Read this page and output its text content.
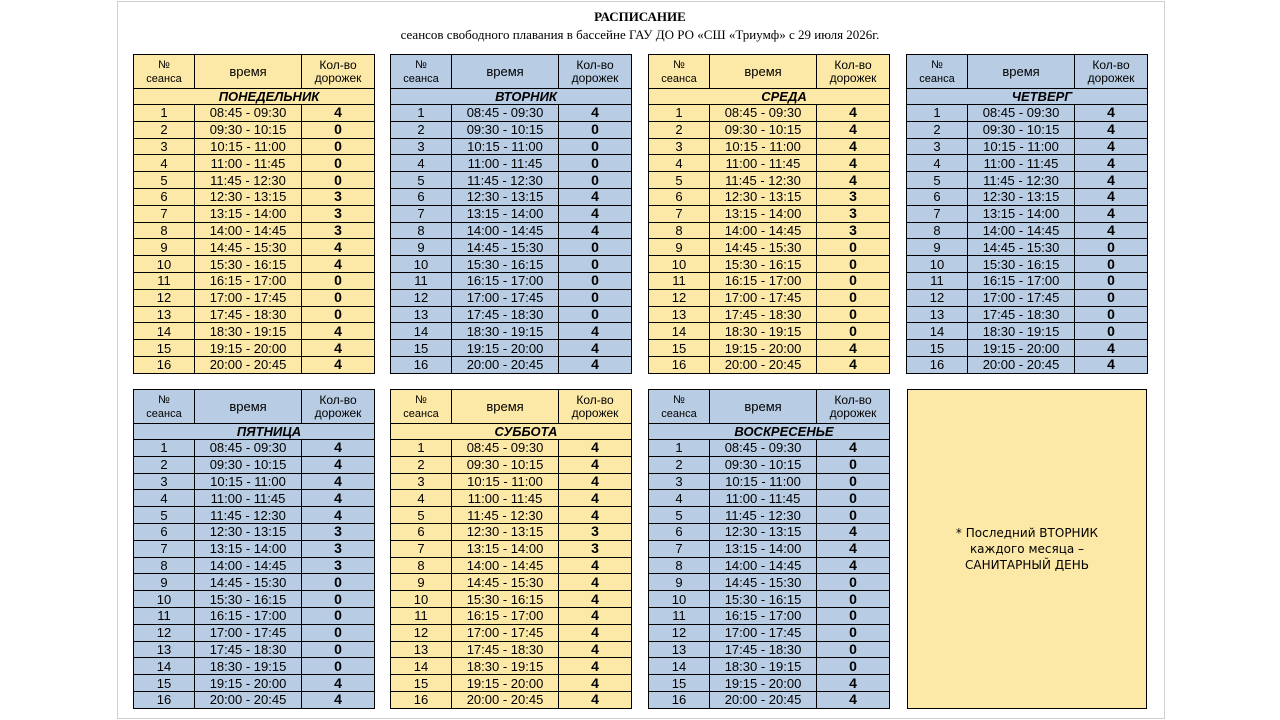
РАСПИСАНИЕ
сеансов свободного плавания в бассейне ГАУ ДО РО «СШ «Триумф» с 29 июля 2026г.
№
сеанса	время	Кол-во
дорожек
ПОНЕДЕЛЬНИК		
1	08:45 - 09:30	4
2	09:30 - 10:15	0
3	10:15 - 11:00	0
4	11:00 - 11:45	0
5	11:45 - 12:30	0
6	12:30 - 13:15	3
7	13:15 - 14:00	3
8	14:00 - 14:45	3
9	14:45 - 15:30	4
10	15:30 - 16:15	4
11	16:15 - 17:00	0
12	17:00 - 17:45	0
13	17:45 - 18:30	0
14	18:30 - 19:15	4
15	19:15 - 20:00	4
16	20:00 - 20:45	4
№
сеанса	время	Кол-во
дорожек
ВТОРНИК		
1	08:45 - 09:30	4
2	09:30 - 10:15	0
3	10:15 - 11:00	0
4	11:00 - 11:45	0
5	11:45 - 12:30	0
6	12:30 - 13:15	4
7	13:15 - 14:00	4
8	14:00 - 14:45	4
9	14:45 - 15:30	0
10	15:30 - 16:15	0
11	16:15 - 17:00	0
12	17:00 - 17:45	0
13	17:45 - 18:30	0
14	18:30 - 19:15	4
15	19:15 - 20:00	4
16	20:00 - 20:45	4
№
сеанса	время	Кол-во
дорожек
СРЕДА		
1	08:45 - 09:30	4
2	09:30 - 10:15	4
3	10:15 - 11:00	4
4	11:00 - 11:45	4
5	11:45 - 12:30	4
6	12:30 - 13:15	3
7	13:15 - 14:00	3
8	14:00 - 14:45	3
9	14:45 - 15:30	0
10	15:30 - 16:15	0
11	16:15 - 17:00	0
12	17:00 - 17:45	0
13	17:45 - 18:30	0
14	18:30 - 19:15	0
15	19:15 - 20:00	4
16	20:00 - 20:45	4
№
сеанса	время	Кол-во
дорожек
ЧЕТВЕРГ		
1	08:45 - 09:30	4
2	09:30 - 10:15	4
3	10:15 - 11:00	4
4	11:00 - 11:45	4
5	11:45 - 12:30	4
6	12:30 - 13:15	4
7	13:15 - 14:00	4
8	14:00 - 14:45	4
9	14:45 - 15:30	0
10	15:30 - 16:15	0
11	16:15 - 17:00	0
12	17:00 - 17:45	0
13	17:45 - 18:30	0
14	18:30 - 19:15	0
15	19:15 - 20:00	4
16	20:00 - 20:45	4
№
сеанса	время	Кол-во
дорожек
ПЯТНИЦА		
1	08:45 - 09:30	4
2	09:30 - 10:15	4
3	10:15 - 11:00	4
4	11:00 - 11:45	4
5	11:45 - 12:30	4
6	12:30 - 13:15	3
7	13:15 - 14:00	3
8	14:00 - 14:45	3
9	14:45 - 15:30	0
10	15:30 - 16:15	0
11	16:15 - 17:00	0
12	17:00 - 17:45	0
13	17:45 - 18:30	0
14	18:30 - 19:15	0
15	19:15 - 20:00	4
16	20:00 - 20:45	4
№
сеанса	время	Кол-во
дорожек
СУББОТА		
1	08:45 - 09:30	4
2	09:30 - 10:15	4
3	10:15 - 11:00	4
4	11:00 - 11:45	4
5	11:45 - 12:30	4
6	12:30 - 13:15	3
7	13:15 - 14:00	3
8	14:00 - 14:45	4
9	14:45 - 15:30	4
10	15:30 - 16:15	4
11	16:15 - 17:00	4
12	17:00 - 17:45	4
13	17:45 - 18:30	4
14	18:30 - 19:15	4
15	19:15 - 20:00	4
16	20:00 - 20:45	4
№
сеанса	время	Кол-во
дорожек
ВОСКРЕСЕНЬЕ		
1	08:45 - 09:30	4
2	09:30 - 10:15	0
3	10:15 - 11:00	0
4	11:00 - 11:45	0
5	11:45 - 12:30	0
6	12:30 - 13:15	4
7	13:15 - 14:00	4
8	14:00 - 14:45	4
9	14:45 - 15:30	0
10	15:30 - 16:15	0
11	16:15 - 17:00	0
12	17:00 - 17:45	0
13	17:45 - 18:30	0
14	18:30 - 19:15	0
15	19:15 - 20:00	4
16	20:00 - 20:45	4
* Последний ВТОРНИК каждого месяца – САНИТАРНЫЙ ДЕНЬ
